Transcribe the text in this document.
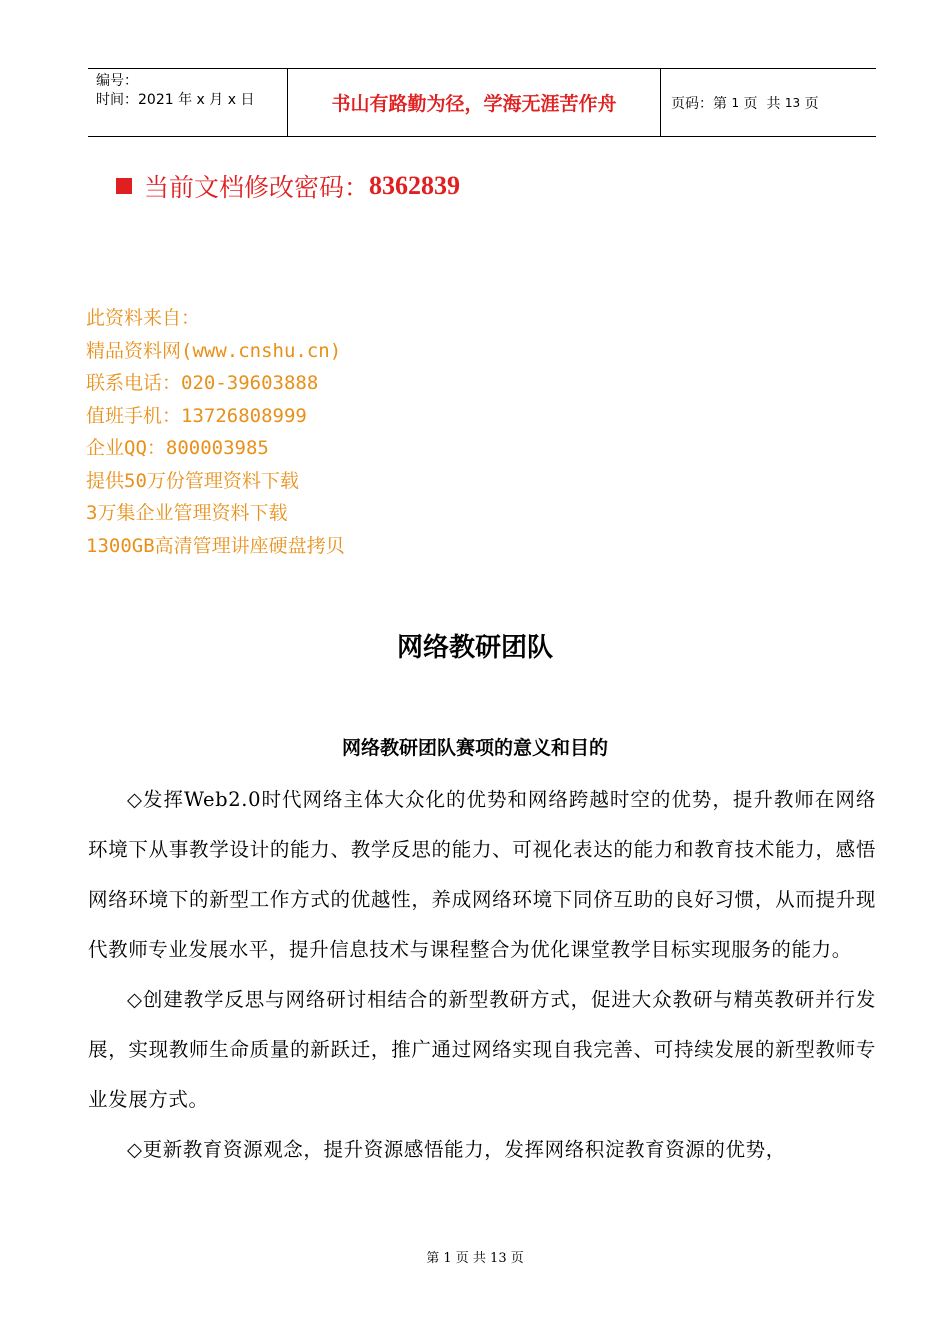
编号：
时间：2021 年 x 月 x 日	书山有路勤为径，学海无涯苦作舟	页码：第 1 页  共 13 页
当前文档修改密码： 8362839
此资料来自：
精品资料网(www.cnshu.cn)
联系电话：020-39603888
值班手机：13726808999
企业QQ：800003985
提供50万份管理资料下载
3万集企业管理资料下载
1300GB高清管理讲座硬盘拷贝
网络教研团队
网络教研团队赛项的意义和目的

◇发挥Web2.0时代网络主体大众化的优势和网络跨越时空的优势，提升教师在网络环境下从事教学设计的能力、教学反思的能力、可视化表达的能力和教育技术能力，感悟网络环境下的新型工作方式的优越性，养成网络环境下同侪互助的良好习惯，从而提升现代教师专业发展水平，提升信息技术与课程整合为优化课堂教学目标实现服务的能力。

◇创建教学反思与网络研讨相结合的新型教研方式，促进大众教研与精英教研并行发展，实现教师生命质量的新跃迁，推广通过网络实现自我完善、可持续发展的新型教师专业发展方式。

◇更新教育资源观念，提升资源感悟能力，发挥网络积淀教育资源的优势，

第 1 页 共 13 页
